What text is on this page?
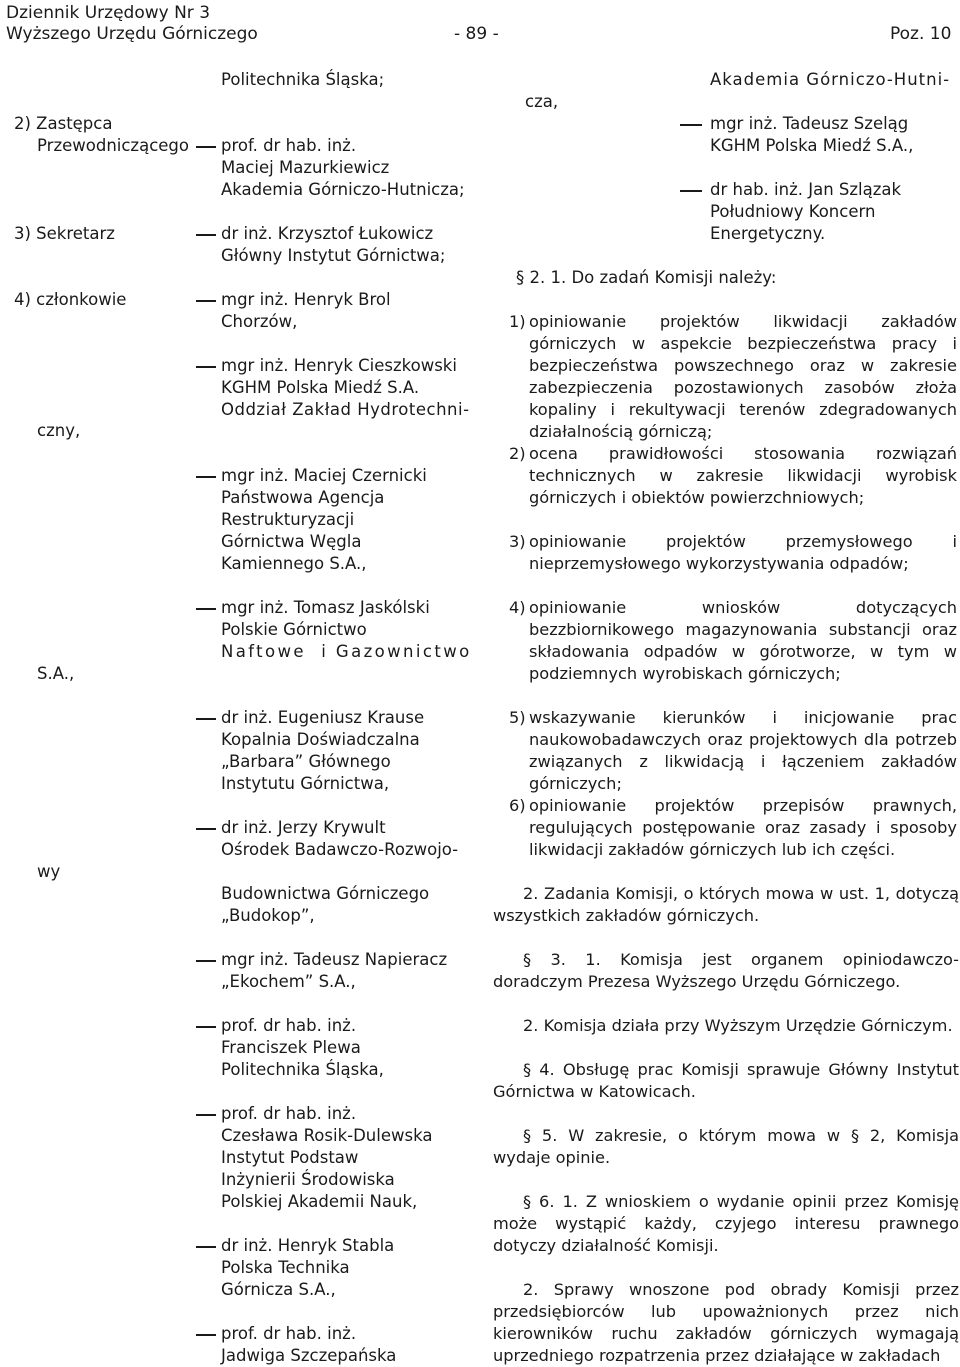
Dziennik Urzędowy Nr 3
Wyższego Urzędu Górniczego	- 89 -	Poz. 10
2) Zastępca
Przewodniczącego
3) Sekretarz
4) członkowie
czny,
S.A.,
wy
Politechnika Śląska;
prof. dr hab. inż.
Maciej Mazurkiewicz
Akademia Górniczo-Hutnicza;
dr inż. Krzysztof Łukowicz
Główny Instytut Górnictwa;
mgr inż. Henryk Brol
Chorzów,
mgr inż. Henryk Cieszkowski
KGHM Polska Miedź S.A.
Oddział Zakład Hydrotechni-
mgr inż. Maciej Czernicki
Państwowa Agencja
Restrukturyzacji
Górnictwa Węgla
Kamiennego S.A.,
mgr inż. Tomasz Jaskólski
Polskie Górnictwo
Naftowe  i Gazownictwo
dr inż. Eugeniusz Krause
Kopalnia Doświadczalna
„Barbara” Głównego
Instytutu Górnictwa,
dr inż. Jerzy Krywult
Ośrodek Badawczo-Rozwojo-
Budownictwa Górniczego
„Budokop”,
mgr inż. Tadeusz Napieracz
„Ekochem” S.A.,
prof. dr hab. inż.
Franciszek Plewa
Politechnika Śląska,
prof. dr hab. inż.
Czesława Rosik-Dulewska
Instytut Podstaw
Inżynierii Środowiska
Polskiej Akademii Nauk,
dr inż. Henryk Stabla
Polska Technika
Górnicza S.A.,
prof. dr hab. inż.
Jadwiga Szczepańska
cza,
Akademia Górniczo-Hutni-
mgr inż. Tadeusz Szeląg
KGHM Polska Miedź S.A.,
dr hab. inż. Jan Szlązak
Południowy Koncern
Energetyczny.
§ 2. 1. Do zadań Komisji należy:
1) opiniowanie projektów likwidacji zakładów górniczych w aspekcie bezpieczeństwa pracy i bezpieczeństwa powszechnego oraz w zakresie zabezpieczenia pozostawionych zasobów złoża kopaliny i rekultywacji terenów zdegradowanych działalnością górniczą;
2) ocena prawidłowości stosowania rozwiązań technicznych w zakresie likwidacji wyrobisk górniczych i obiektów powierzchniowych;
3) opiniowanie projektów przemysłowego i nieprzemysłowego wykorzystywania odpadów;
4) opiniowanie wniosków dotyczących bezzbiornikowego magazynowania substancji oraz składowania odpadów w górotworze, w tym w podziemnych wyrobiskach górniczych;
5) wskazywanie kierunków i inicjowanie prac naukowobadawczych oraz projektowych dla potrzeb związanych z likwidacją i łączeniem zakładów górniczych;
6) opiniowanie projektów przepisów prawnych, regulujących postępowanie oraz zasady i sposoby likwidacji zakładów górniczych lub ich części.
2. Zadania Komisji, o których mowa w ust. 1, dotyczą wszystkich zakładów górniczych.
§ 3. 1. Komisja jest organem opiniodawczo-doradczym Prezesa Wyższego Urzędu Górniczego.
2. Komisja działa przy Wyższym Urzędzie Górniczym.
§ 4. Obsługę prac Komisji sprawuje Główny Instytut Górnictwa w Katowicach.
§ 5. W zakresie, o którym mowa w § 2, Komisja wydaje opinie.
§ 6. 1. Z wnioskiem o wydanie opinii przez Komisję może wystąpić każdy, czyjego interesu prawnego dotyczy działalność Komisji.
2. Sprawy wnoszone pod obrady Komisji przez przedsiębiorców lub upoważnionych przez nich kierowników ruchu zakładów górniczych wymagają uprzedniego rozpatrzenia przez działające w zakładach
